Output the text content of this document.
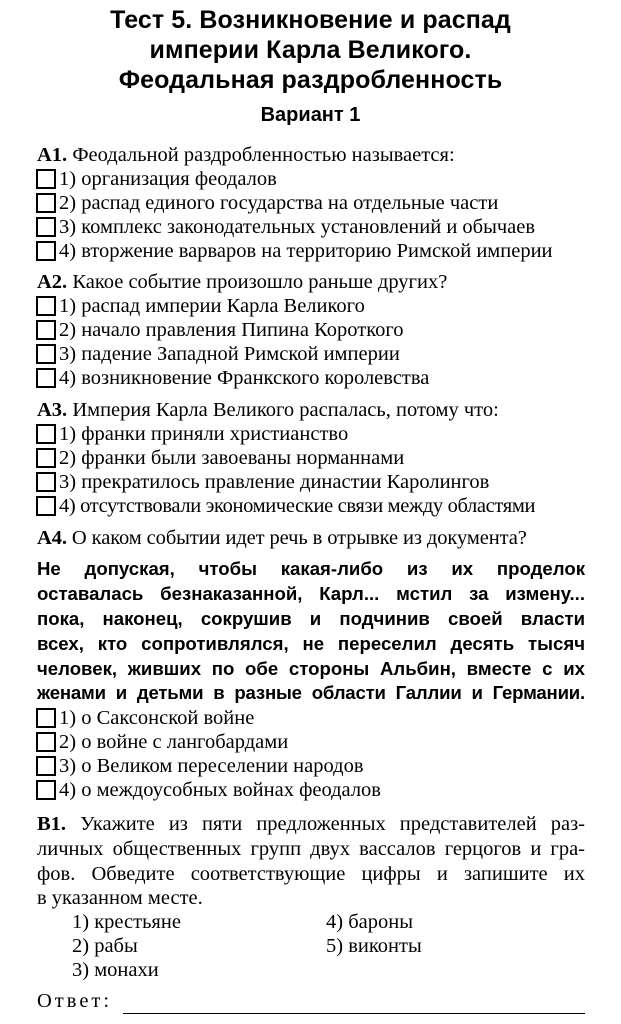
Тест 5. Возникновение и распад
империи Карла Великого.
Феодальная раздробленность
Вариант 1
А1. Феодальной раздробленностью называется:
1) организация феодалов
2) распад единого государства на отдельные части
3) комплекс законодательных установлений и обычаев
4) вторжение варваров на территорию Римской империи
А2. Какое событие произошло раньше других?
1) распад империи Карла Великого
2) начало правления Пипина Короткого
3) падение Западной Римской империи
4) возникновение Франкского королевства
А3. Империя Карла Великого распалась, потому что:
1) франки приняли христианство
2) франки были завоеваны норманнами
3) прекратилось правление династии Каролингов
4) отсутствовали экономические связи между областями
А4. О каком событии идет речь в отрывке из документа?
Не допуская, чтобы какая-либо из их проделок
оставалась безнаказанной, Карл... мстил за измену...
пока, наконец, сокрушив и подчинив своей власти
всех, кто сопротивлялся, не переселил десять тысяч
человек, живших по обе стороны Альбин, вместе с их
женами и детьми в разные области Галлии и Германии.
1) о Саксонской войне
2) о войне с лангобардами
3) о Великом переселении народов
4) о междоусобных войнах феодалов
В1. Укажите из пяти предложенных представителей раз-
личных общественных групп двух вассалов герцогов и гра-
фов. Обведите соответствующие цифры и запишите их
в указанном месте.
1) крестьяне
2) рабы
3) монахи
4) бароны
5) виконты
Ответ:
